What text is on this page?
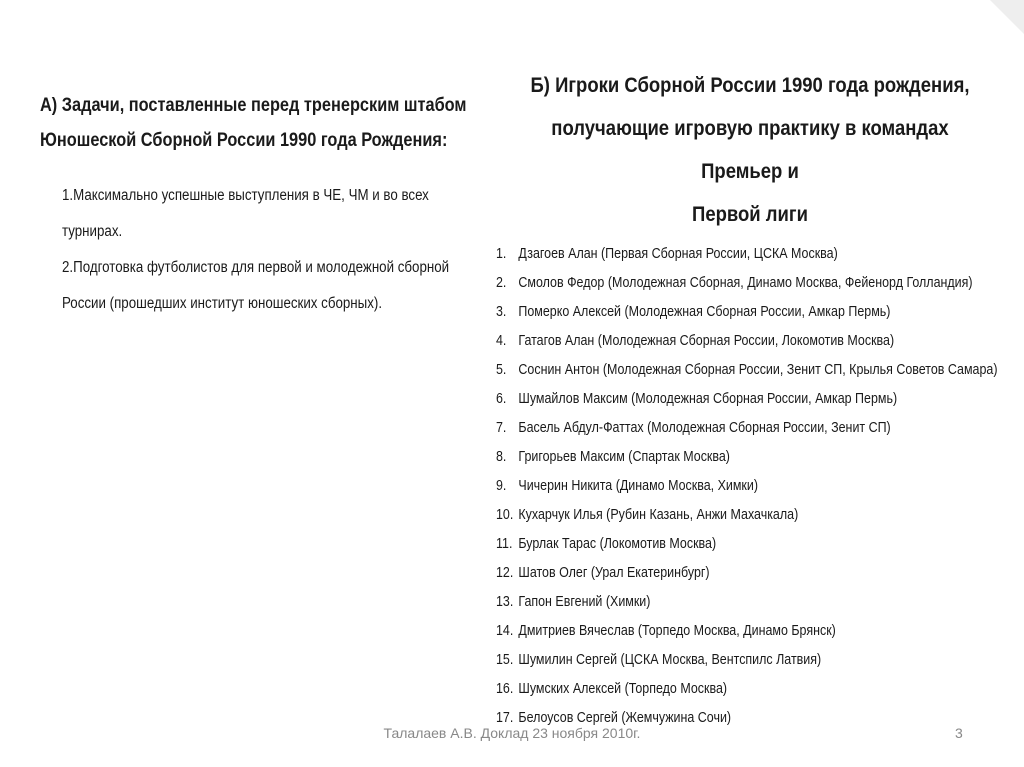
А) Задачи, поставленные перед тренерским штабом
Юношеской Сборной России 1990 года Рождения:

1.Максимально успешные выступления в ЧЕ, ЧМ и во всех турнирах.

2.Подготовка футболистов для первой и молодежной сборной России (прошедших институт юношеских сборных).

Б) Игроки Сборной России 1990 года рождения,
получающие игровую практику в командах Премьер и
Первой лиги
1. Дзагоев Алан (Первая Сборная России, ЦСКА Москва)
2. Смолов Федор (Молодежная Сборная, Динамо Москва, Фейенорд Голландия)
3. Померко Алексей (Молодежная Сборная России, Амкар Пермь)
4. Гатагов Алан (Молодежная Сборная России, Локомотив Москва)
5. Соснин Антон (Молодежная Сборная России, Зенит СП, Крылья Советов Самара)
6. Шумайлов Максим (Молодежная Сборная России, Амкар Пермь)
7. Басель Абдул-Фаттах (Молодежная Сборная России, Зенит СП)
8. Григорьев Максим (Спартак Москва)
9. Чичерин Никита (Динамо Москва, Химки)
10. Кухарчук Илья (Рубин Казань, Анжи Махачкала)
11. Бурлак Тарас (Локомотив Москва)
12. Шатов Олег (Урал Екатеринбург)
13. Гапон Евгений (Химки)
14. Дмитриев Вячеслав (Торпедо Москва, Динамо Брянск)
15. Шумилин Сергей (ЦСКА Москва, Вентспилс Латвия)
16. Шумских Алексей (Торпедо Москва)
17. Белоусов Сергей (Жемчужина Сочи)
Талалаев А.В. Доклад 23 ноября 2010г.	3
